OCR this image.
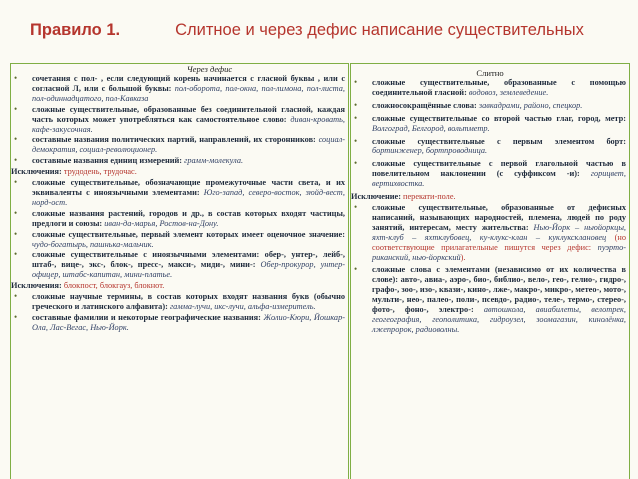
Правило 1.	Слитное и через дефис написание существительных
Через дефис
• сочетания с пол- , если следующий корень начинается с гласной буквы , или с согласной Л, или с большой буквы: пол-оборота, пол-окна, пол-лимона, пол-листа, пол-одиннадцатого, пол-Кавказа
• сложные существительные, образованные без соединительной гласной, каждая часть которых может употребляться как самостоятельное слово: диван-кровать, кафе-закусочная.
• составные названия политических партий, направлений, их сторонников: социал-демократия, социал-революционер.
• составные названия единиц измерений: грамм-молекула.
Исключения: трудодень, трудочас.
• сложные существительные, обозначающие промежуточные части света, и их эквиваленты с иноязычными элементами: Юго-запад, северо-восток, зюйд-вест, норд-ост.
• сложные названия растений, городов и др., в состав которых входят частицы, предлоги и союзы: иван-да-марья, Ростов-на-Дону.
• сложные существительные, первый элемент которых имеет оценочное значение: чудо-богатырь, пашнька-мальчик.
• сложные существительные с иноязычными элементами: обер-, унтер-, лейб-, штаб-, вице-, экс-, блок-, пресс-, макси-, миди-, мини-: Обер-прокурор, унтер-офицер, штабс-капитан, мини-платье.
Исключения: блокпост, блокгауз, блокнот.
• сложные научные термины, в состав которых входят названия букв (обычно греческого и латинского алфавита): гамма-лучи, икс-лучи, альфа-измеритель.
• составные фамилии и некоторые географические названия: Жолио-Кюри, Йошкар-Ола, Лас-Вегас, Нью-Йорк.
Слитно
• сложные существительные, образованные с помощью соединительной гласной: водовоз, землеведение.
• сложносокращённые слова: завкадрами, районо, спецкор.
• сложные существительные со второй частью глаг, город, метр: Волгоград, Белгород, вольтметр.
• сложные существительные с первым элементом борт: бортинженер, бортпроводница.
• сложные существительные с первой глагольной частью в повелительном наклонении (с суффиксом -и): горицвет, вертихвостка.
Исключение: перекати-поле.
• сложные существительные, образованные от дефисных написаний, называющих народностей, племена, людей по роду занятий, интересам, месту жительства: Нью-Йорк – ньюйоркцы, яхт-клуб – яхтклубовец, ку-клукс-клан – куклуксклановец (но соответствующие прилагательные пишутся через дефис: пуэрто-риканский, нью-йоркский).
• сложные слова с элементами (независимо от их количества в слове): авто-, авиа-, аэро-, био-, библио-, вело-, гео-, гелио-, гидро-, графо-, зоо-, изо-, квази-, кино-, лже-, макро-, микро-, метео-, мото-, мульти-, нео-, палео-, поли-, псевдо-, радио-, теле-, термо-, стерео-, фото-, фоно-, электро-: автошкола, авиабилеты, велотрек, геогеография, геополитика, гидроузел, зоомагазин, кинолёнка, лжепророк, радиоволны.
